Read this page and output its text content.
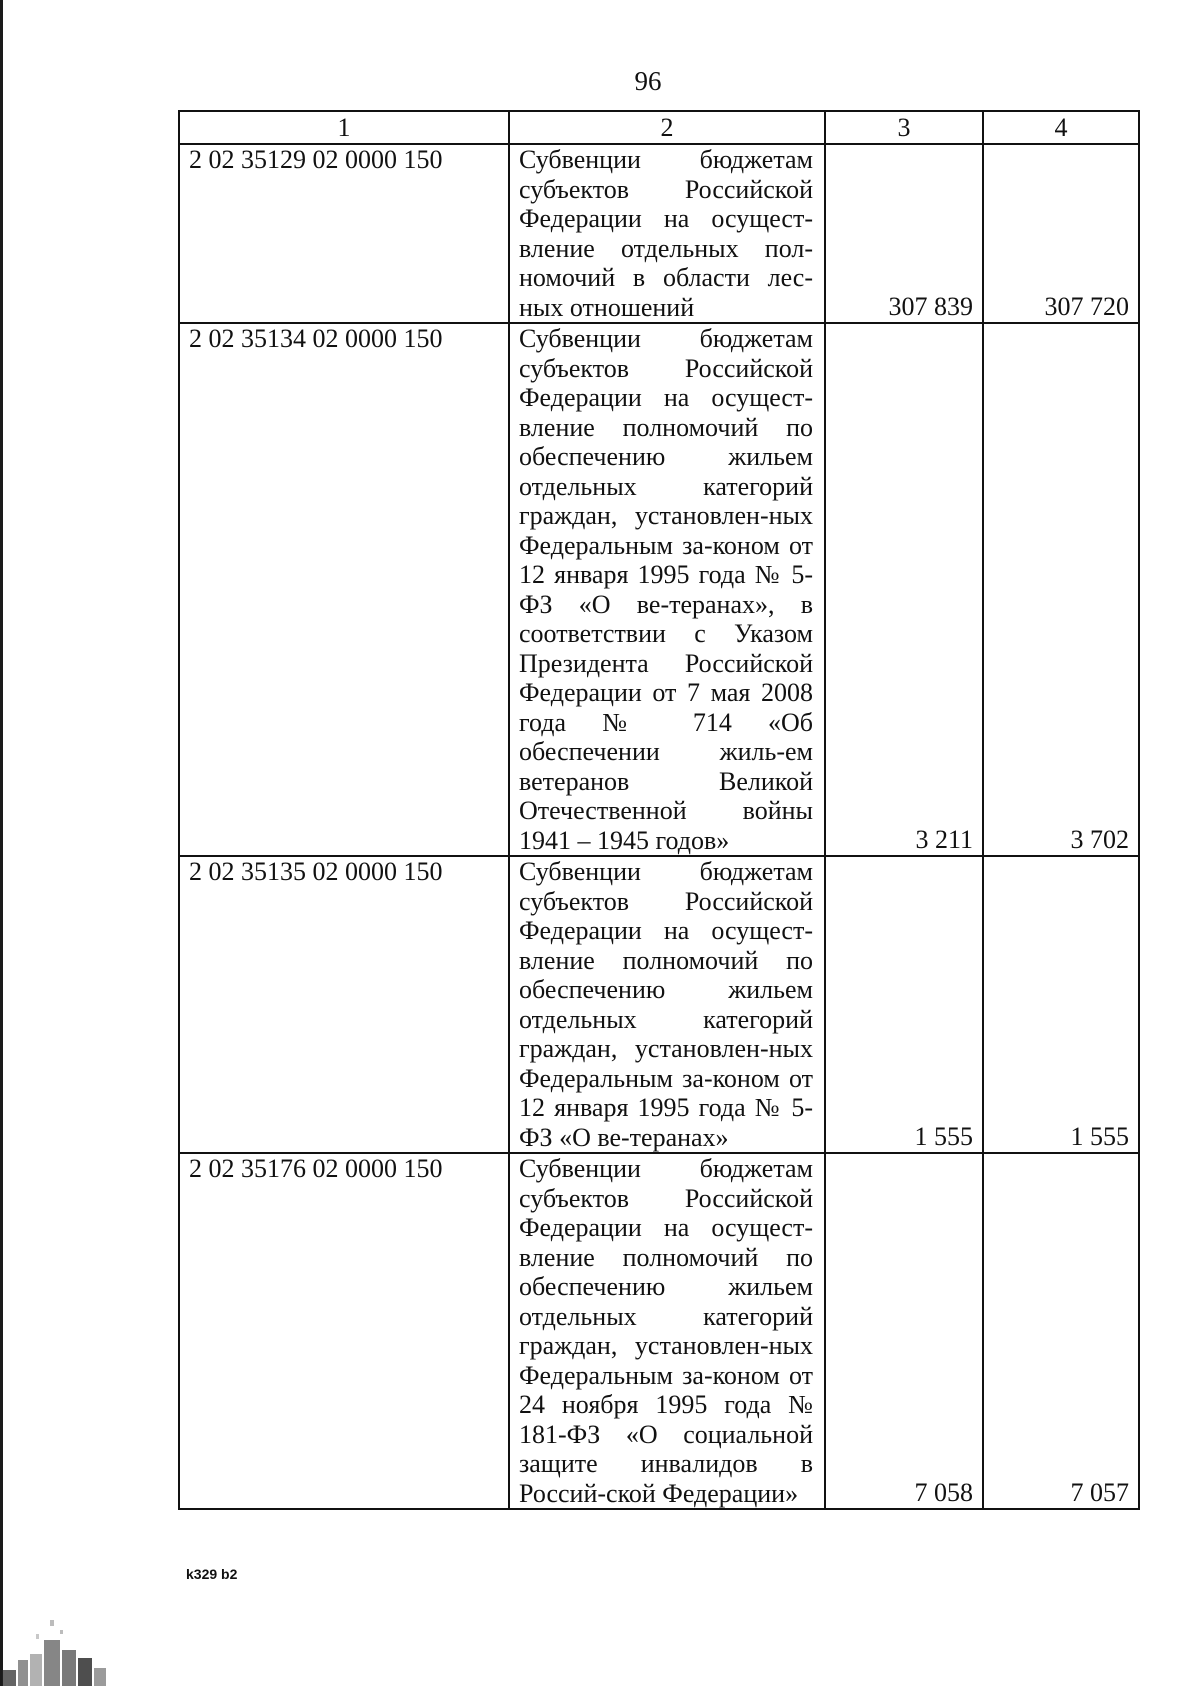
96
1	2	3	4
2 02 35129 02 0000 150	Субвенции бюджетам субъектов Российской Федерации на осущест-вление отдельных пол-номочий в области лес-ных отношений	307 839	307 720
2 02 35134 02 0000 150	Субвенции бюджетам субъектов Российской Федерации на осущест-вление полномочий по обеспечению жильем отдельных категорий граждан, установлен-ных Федеральным за-коном от 12 января 1995 года № 5-ФЗ «О ве-теранах», в соответствии с Указом Президента Российской Федерации от 7 мая 2008 года № 714 «Об обеспечении жиль-ем ветеранов Великой Отечественной войны 1941 – 1945 годов»	3 211	3 702
2 02 35135 02 0000 150	Субвенции бюджетам субъектов Российской Федерации на осущест-вление полномочий по обеспечению жильем отдельных категорий граждан, установлен-ных Федеральным за-коном от 12 января 1995 года № 5-ФЗ «О ве-теранах»	1 555	1 555
2 02 35176 02 0000 150	Субвенции бюджетам субъектов Российской Федерации на осущест-вление полномочий по обеспечению жильем отдельных категорий граждан, установлен-ных Федеральным за-коном от 24 ноября 1995 года № 181-ФЗ «О социальной защите инвалидов в Россий-ской Федерации»	7 058	7 057
k329 b2
